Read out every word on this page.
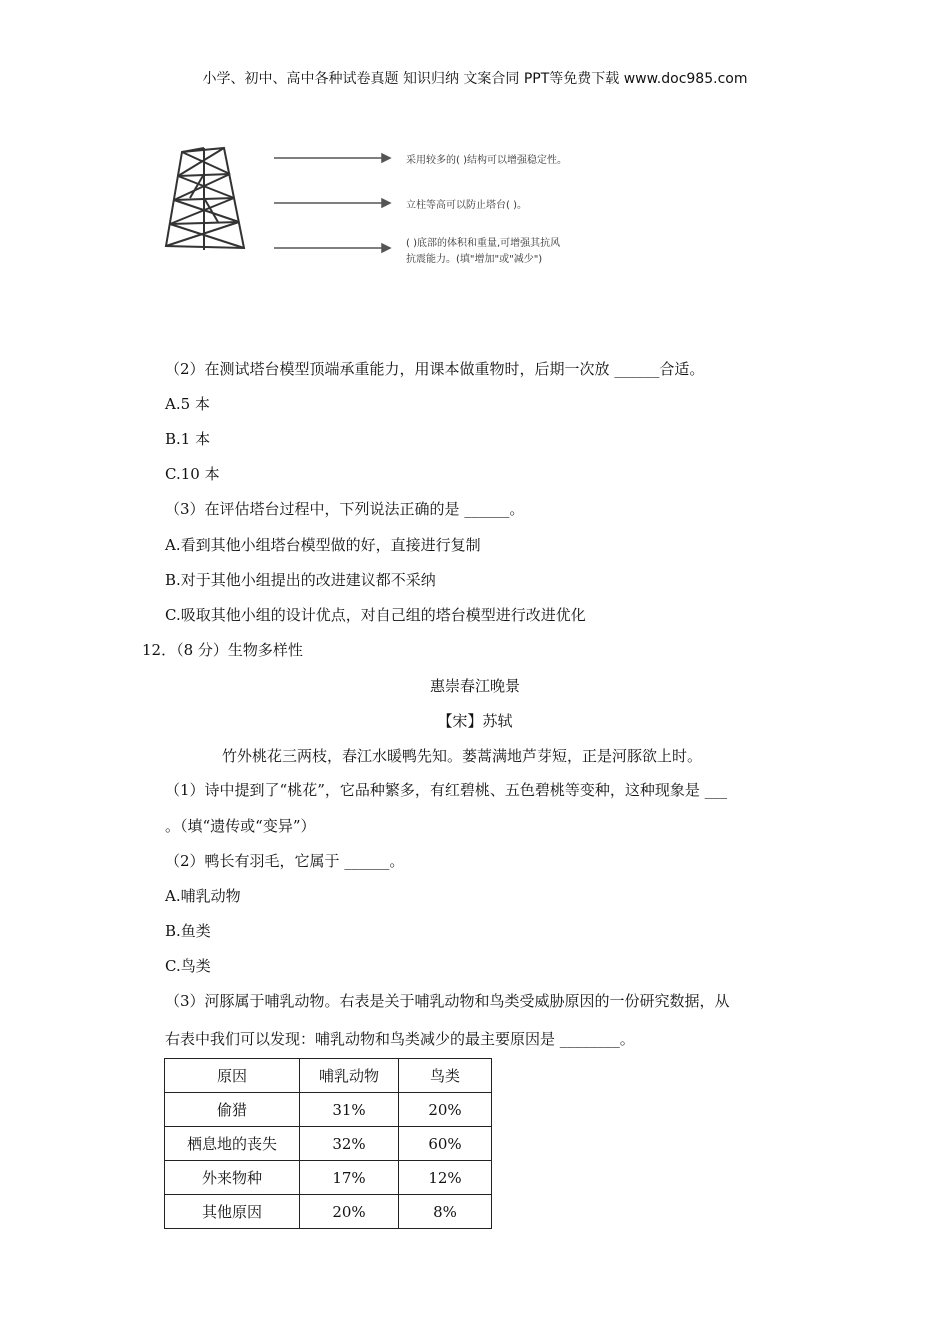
小学、初中、高中各种试卷真题 知识归纳 文案合同 PPT等免费下载 www.doc985.com
采用较多的( )结构可以增强稳定性。
立柱等高可以防止塔台( )。
( )底部的体积和重量,可增强其抗风
抗震能力。(填"增加"或"减少")
（2）在测试塔台模型顶端承重能力，用课本做重物时，后期一次放 ______合适。
A.5 本
B.1 本
C.10 本
（3）在评估塔台过程中，下列说法正确的是 ______。
A.看到其他小组塔台模型做的好，直接进行复制
B.对于其他小组提出的改进建议都不采纳
C.吸取其他小组的设计优点，对自己组的塔台模型进行改进优化
12．（8 分）生物多样性
惠崇春江晚景
【宋】苏轼
竹外桃花三两枝，春江水暖鸭先知。蒌蒿满地芦芽短，正是河豚欲上时。
（1）诗中提到了“桃花”，它品种繁多，有红碧桃、五色碧桃等变种，这种现象是 ___
。（填“遗传或“变异”）
（2）鸭长有羽毛，它属于 ______。
A.哺乳动物
B.鱼类
C.鸟类
（3）河豚属于哺乳动物。右表是关于哺乳动物和鸟类受威胁原因的一份研究数据，从
右表中我们可以发现：哺乳动物和鸟类减少的最主要原因是 ________。
原因	哺乳动物	鸟类
偷猎	31%	20%
栖息地的丧失	32%	60%
外来物种	17%	12%
其他原因	20%	8%
